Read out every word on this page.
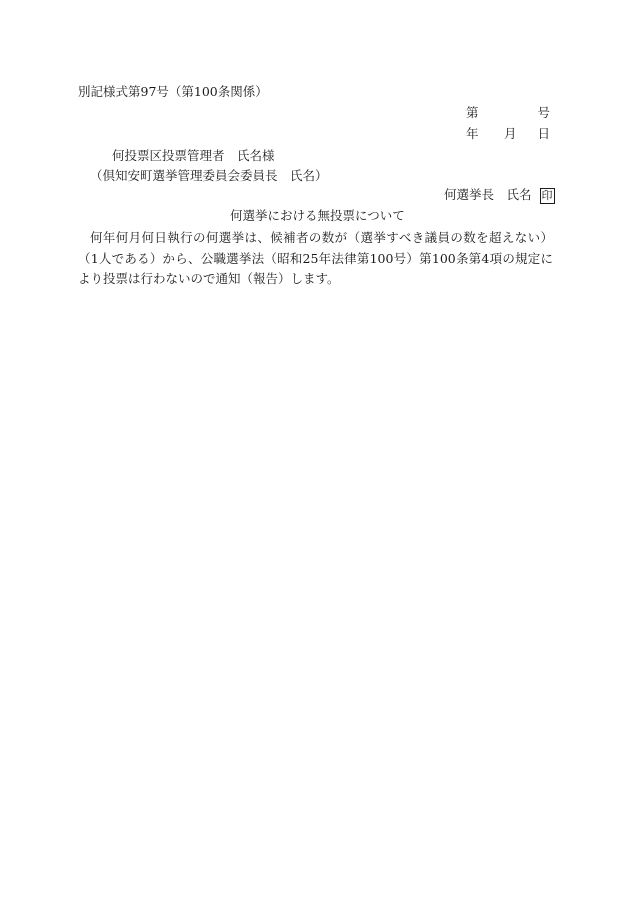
別記様式第97号（第100条関係）
第	号
年 月 日
何投票区投票管理者　氏名様
（倶知安町選挙管理委員会委員長　氏名）
何選挙長　氏名 印
何選挙における無投票について
何年何月何日執行の何選挙は、候補者の数が（選挙すべき議員の数を超えない）（1人である）から、公職選挙法（昭和25年法律第100号）第100条第4項の規定により投票は行わないので通知（報告）します。
